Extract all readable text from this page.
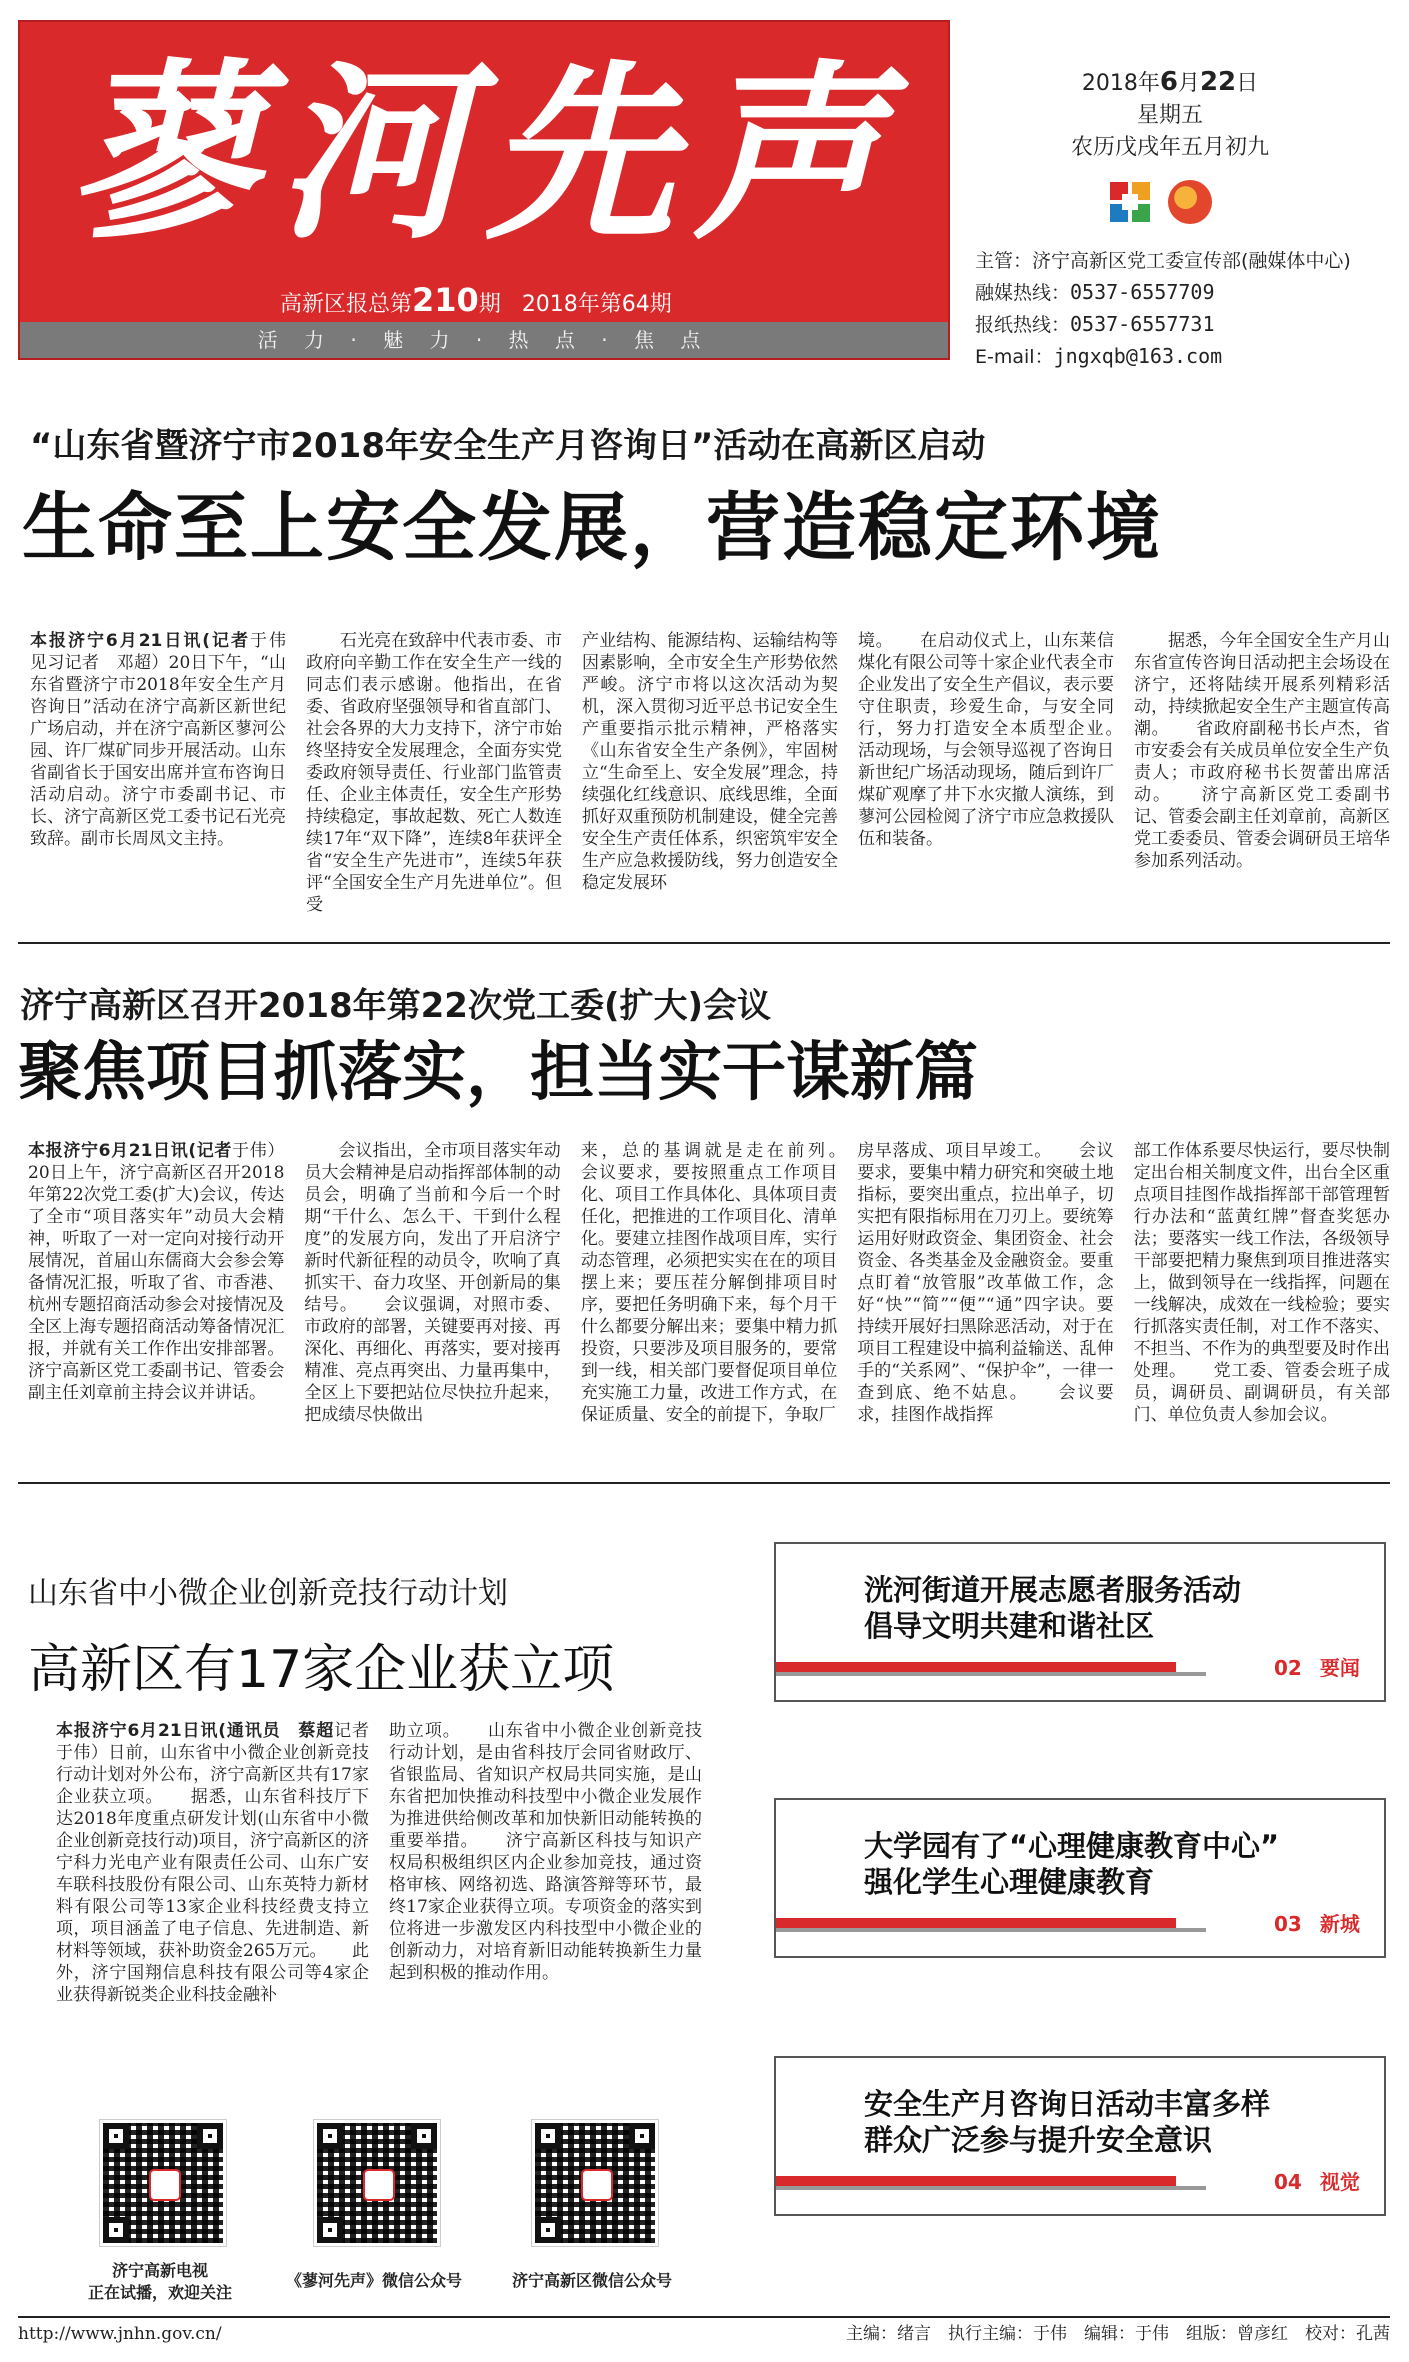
蓼河先声
高新区报总第210期 2018年第64期
活 力 · 魅 力 · 热 点 · 焦 点
2018年6月22日
星期五
农历戊戌年五月初九
主管：济宁高新区党工委宣传部(融媒体中心)
融媒热线：0537-6557709
报纸热线：0537-6557731
E-mail：jngxqb@163.com
“山东省暨济宁市2018年安全生产月咨询日”活动在高新区启动
生命至上安全发展，营造稳定环境

本报济宁6月21日讯(记者于伟　见习记者　邓超）20日下午，“山东省暨济宁市2018年安全生产月咨询日”活动在济宁高新区新世纪广场启动，并在济宁高新区蓼河公园、许厂煤矿同步开展活动。山东省副省长于国安出席并宣布咨询日活动启动。济宁市委副书记、市长、济宁高新区党工委书记石光亮致辞。副市长周凤文主持。

石光亮在致辞中代表市委、市政府向辛勤工作在安全生产一线的同志们表示感谢。他指出，在省委、省政府坚强领导和省直部门、社会各界的大力支持下，济宁市始终坚持安全发展理念，全面夯实党委政府领导责任、行业部门监管责任、企业主体责任，安全生产形势持续稳定，事故起数、死亡人数连续17年“双下降”，连续8年获评全省“安全生产先进市”，连续5年获评“全国安全生产月先进单位”。但受

产业结构、能源结构、运输结构等因素影响，全市安全生产形势依然严峻。济宁市将以这次活动为契机，深入贯彻习近平总书记安全生产重要指示批示精神，严格落实《山东省安全生产条例》，牢固树立“生命至上、安全发展”理念，持续强化红线意识、底线思维，全面抓好双重预防机制建设，健全完善安全生产责任体系，织密筑牢安全生产应急救援防线，努力创造安全稳定发展环

境。　　在启动仪式上，山东莱信煤化有限公司等十家企业代表全市企业发出了安全生产倡议，表示要守住职责，珍爱生命，与安全同行，努力打造安全本质型企业。　　活动现场，与会领导巡视了咨询日新世纪广场活动现场，随后到许厂煤矿观摩了井下水灾撤人演练，到蓼河公园检阅了济宁市应急救援队伍和装备。

据悉，今年全国安全生产月山东省宣传咨询日活动把主会场设在济宁，还将陆续开展系列精彩活动，持续掀起安全生产主题宣传高潮。　　省政府副秘书长卢杰，省市安委会有关成员单位安全生产负责人；市政府秘书长贺蕾出席活动。　　济宁高新区党工委副书记、管委会副主任刘章前，高新区党工委委员、管委会调研员王培华参加系列活动。

济宁高新区召开2018年第22次党工委(扩大)会议
聚焦项目抓落实，担当实干谋新篇

本报济宁6月21日讯(记者于伟）20日上午，济宁高新区召开2018年第22次党工委(扩大)会议，传达了全市“项目落实年”动员大会精神，听取了一对一定向对接行动开展情况，首届山东儒商大会参会筹备情况汇报，听取了省、市香港、杭州专题招商活动参会对接情况及全区上海专题招商活动筹备情况汇报，并就有关工作作出安排部署。济宁高新区党工委副书记、管委会副主任刘章前主持会议并讲话。

会议指出，全市项目落实年动员大会精神是启动指挥部体制的动员会，明确了当前和今后一个时期“干什么、怎么干、干到什么程度”的发展方向，发出了开启济宁新时代新征程的动员令，吹响了真抓实干、奋力攻坚、开创新局的集结号。　　会议强调，对照市委、市政府的部署，关键要再对接、再深化、再细化、再落实，要对接再精准、亮点再突出、力量再集中，全区上下要把站位尽快拉升起来，把成绩尽快做出

来，总的基调就是走在前列。　　会议要求，要按照重点工作项目化、项目工作具体化、具体项目责任化，把推进的工作项目化、清单化。要建立挂图作战项目库，实行动态管理，必须把实实在在的项目摆上来；要压茬分解倒排项目时序，要把任务明确下来，每个月干什么都要分解出来；要集中精力抓投资，只要涉及项目服务的，要常到一线，相关部门要督促项目单位充实施工力量，改进工作方式，在保证质量、安全的前提下，争取厂

房早落成、项目早竣工。　　会议要求，要集中精力研究和突破土地指标，要突出重点，拉出单子，切实把有限指标用在刀刃上。要统筹运用好财政资金、集团资金、社会资金、各类基金及金融资金。要重点盯着“放管服”改革做工作，念好“快”“简”“便”“通”四字诀。要持续开展好扫黑除恶活动，对于在项目工程建设中搞利益输送、乱伸手的“关系网”、“保护伞”，一律一查到底、绝不姑息。　　会议要求，挂图作战指挥

部工作体系要尽快运行，要尽快制定出台相关制度文件，出台全区重点项目挂图作战指挥部干部管理暂行办法和“蓝黄红牌”督查奖惩办法；要落实一线工作法，各级领导干部要把精力聚焦到项目推进落实上，做到领导在一线指挥，问题在一线解决，成效在一线检验；要实行抓落实责任制，对工作不落实、不担当、不作为的典型要及时作出处理。　　党工委、管委会班子成员，调研员、副调研员，有关部门、单位负责人参加会议。

山东省中小微企业创新竞技行动计划
高新区有17家企业获立项

本报济宁6月21日讯(通讯员　蔡超记者　于伟）日前，山东省中小微企业创新竞技行动计划对外公布，济宁高新区共有17家企业获立项。　　据悉，山东省科技厅下达2018年度重点研发计划(山东省中小微企业创新竞技行动)项目，济宁高新区的济宁科力光电产业有限责任公司、山东广安车联科技股份有限公司、山东英特力新材料有限公司等13家企业科技经费支持立项，项目涵盖了电子信息、先进制造、新材料等领域，获补助资金265万元。　　此外，济宁国翔信息科技有限公司等4家企业获得新锐类企业科技金融补

助立项。　　山东省中小微企业创新竞技行动计划，是由省科技厅会同省财政厅、省银监局、省知识产权局共同实施，是山东省把加快推动科技型中小微企业发展作为推进供给侧改革和加快新旧动能转换的重要举措。　　济宁高新区科技与知识产权局积极组织区内企业参加竞技，通过资格审核、网络初选、路演答辩等环节，最终17家企业获得立项。专项资金的落实到位将进一步激发区内科技型中小微企业的创新动力，对培育新旧动能转换新生力量起到积极的推动作用。

洸河街道开展志愿者服务活动
倡导文明共建和谐社区
02 要闻
大学园有了“心理健康教育中心”
强化学生心理健康教育
03 新城
安全生产月咨询日活动丰富多样
群众广泛参与提升安全意识
04 视觉
济宁高新电视
正在试播，欢迎关注
《蓼河先声》微信公众号	济宁高新区微信公众号
http://www.jnhn.gov.cn/	主编：绪言　执行主编：于伟　编辑：于伟　组版：曾彦红　校对：孔茜
